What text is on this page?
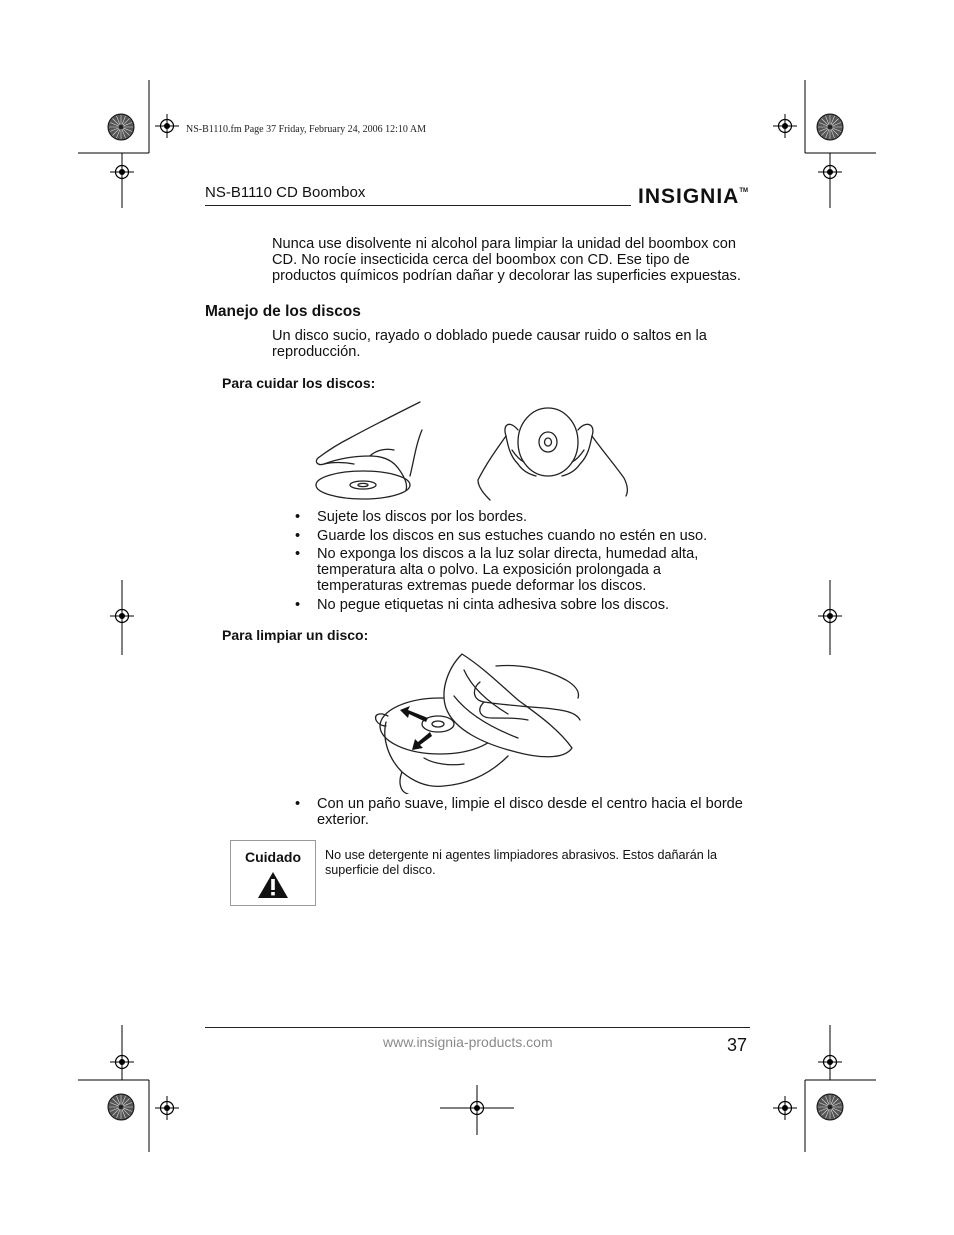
NS-B1110.fm Page 37 Friday, February 24, 2006 12:10 AM
NS-B1110 CD Boombox	INSIGNIA™
Nunca use disolvente ni alcohol para limpiar la unidad del boombox con CD. No rocíe insecticida cerca del boombox con CD. Ese tipo de productos químicos podrían dañar y decolorar las superficies expuestas.
Manejo de los discos
Un disco sucio, rayado o doblado puede causar ruido o saltos en la reproducción.
Para cuidar los discos:
• Sujete los discos por los bordes.
• Guarde los discos en sus estuches cuando no estén en uso.
• No exponga los discos a la luz solar directa, humedad alta, temperatura alta o polvo. La exposición prolongada a temperaturas extremas puede deformar los discos.
• No pegue etiquetas ni cinta adhesiva sobre los discos.
Para limpiar un disco:
• Con un paño suave, limpie el disco desde el centro hacia el borde exterior.
Cuidado	No use detergente ni agentes limpiadores abrasivos. Estos dañarán la superficie del disco.
www.insignia-products.com	37
